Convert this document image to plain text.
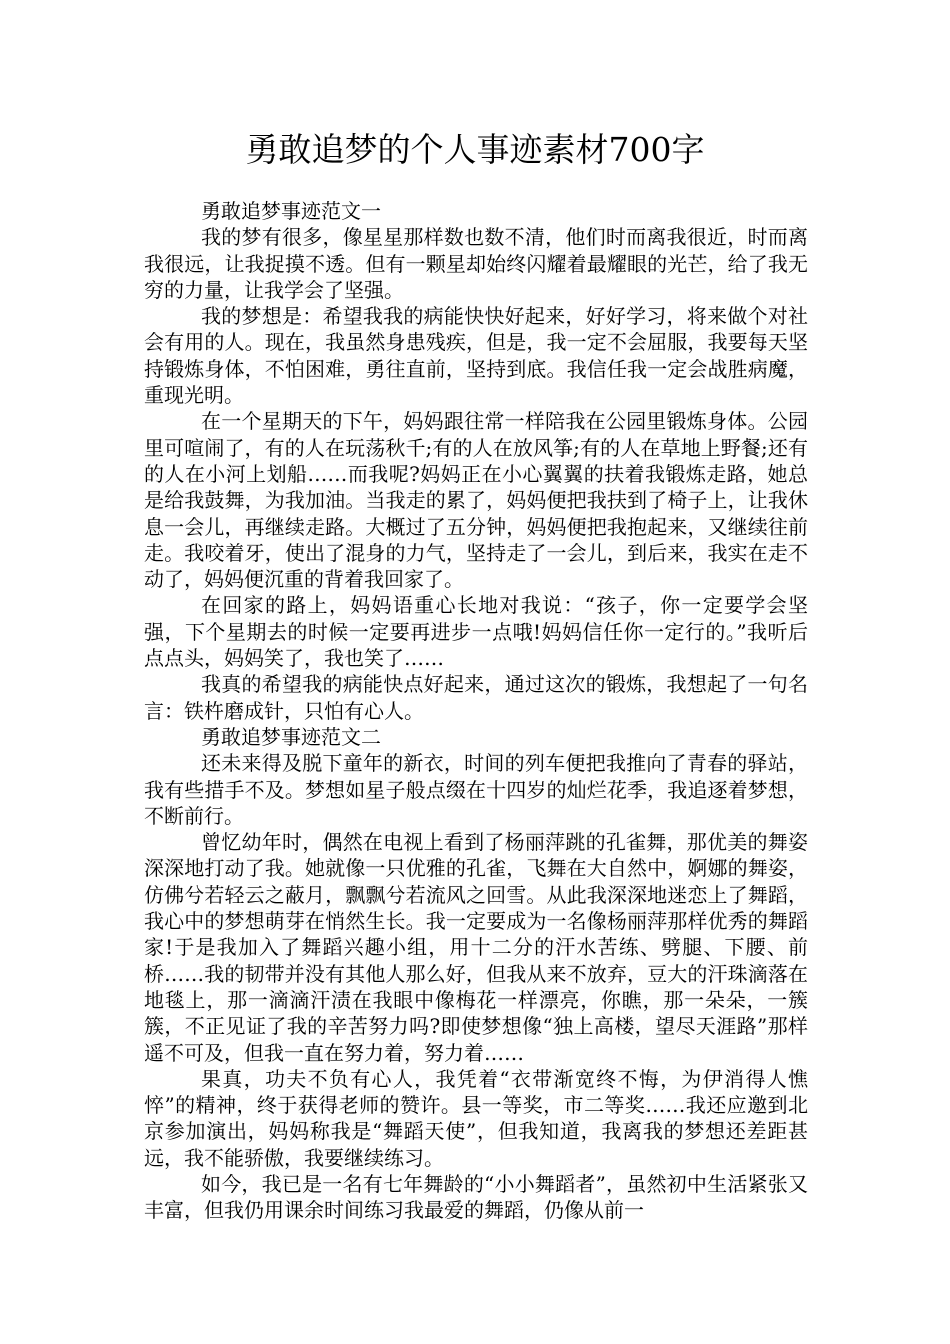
勇敢追梦的个人事迹素材700字

勇敢追梦事迹范文一

我的梦有很多，像星星那样数也数不清，他们时而离我很近，时而离我很远，让我捉摸不透。但有一颗星却始终闪耀着最耀眼的光芒，给了我无穷的力量，让我学会了坚强。

我的梦想是：希望我我的病能快快好起来，好好学习，将来做个对社会有用的人。现在，我虽然身患残疾，但是，我一定不会屈服，我要每天坚持锻炼身体，不怕困难，勇往直前，坚持到底。我信任我一定会战胜病魔，重现光明。

在一个星期天的下午，妈妈跟往常一样陪我在公园里锻炼身体。公园里可喧闹了，有的人在玩荡秋千;有的人在放风筝;有的人在草地上野餐;还有的人在小河上划船……而我呢?妈妈正在小心翼翼的扶着我锻炼走路，她总是给我鼓舞，为我加油。当我走的累了，妈妈便把我扶到了椅子上，让我休息一会儿，再继续走路。大概过了五分钟，妈妈便把我抱起来，又继续往前走。我咬着牙，使出了混身的力气，坚持走了一会儿，到后来，我实在走不动了，妈妈便沉重的背着我回家了。

在回家的路上，妈妈语重心长地对我说：“孩子，你一定要学会坚强，下个星期去的时候一定要再进步一点哦!妈妈信任你一定行的。”我听后点点头，妈妈笑了，我也笑了……

我真的希望我的病能快点好起来，通过这次的锻炼，我想起了一句名言：铁杵磨成针，只怕有心人。

勇敢追梦事迹范文二

还未来得及脱下童年的新衣，时间的列车便把我推向了青春的驿站，我有些措手不及。梦想如星子般点缀在十四岁的灿烂花季，我追逐着梦想，不断前行。

曾忆幼年时，偶然在电视上看到了杨丽萍跳的孔雀舞，那优美的舞姿深深地打动了我。她就像一只优雅的孔雀，飞舞在大自然中，婀娜的舞姿，仿佛兮若轻云之蔽月，飘飘兮若流风之回雪。从此我深深地迷恋上了舞蹈，我心中的梦想萌芽在悄然生长。我一定要成为一名像杨丽萍那样优秀的舞蹈家!于是我加入了舞蹈兴趣小组，用十二分的汗水苦练、劈腿、下腰、前桥……我的韧带并没有其他人那么好，但我从来不放弃，豆大的汗珠滴落在地毯上，那一滴滴汗渍在我眼中像梅花一样漂亮，你瞧，那一朵朵，一簇簇，不正见证了我的辛苦努力吗?即使梦想像“独上高楼，望尽天涯路”那样遥不可及，但我一直在努力着，努力着……

果真，功夫不负有心人，我凭着“衣带渐宽终不悔，为伊消得人憔悴”的精神，终于获得老师的赞许。县一等奖，市二等奖……我还应邀到北京参加演出，妈妈称我是“舞蹈天使”，但我知道，我离我的梦想还差距甚远，我不能骄傲，我要继续练习。

如今，我已是一名有七年舞龄的“小小舞蹈者”，虽然初中生活紧张又丰富，但我仍用课余时间练习我最爱的舞蹈，仍像从前一
